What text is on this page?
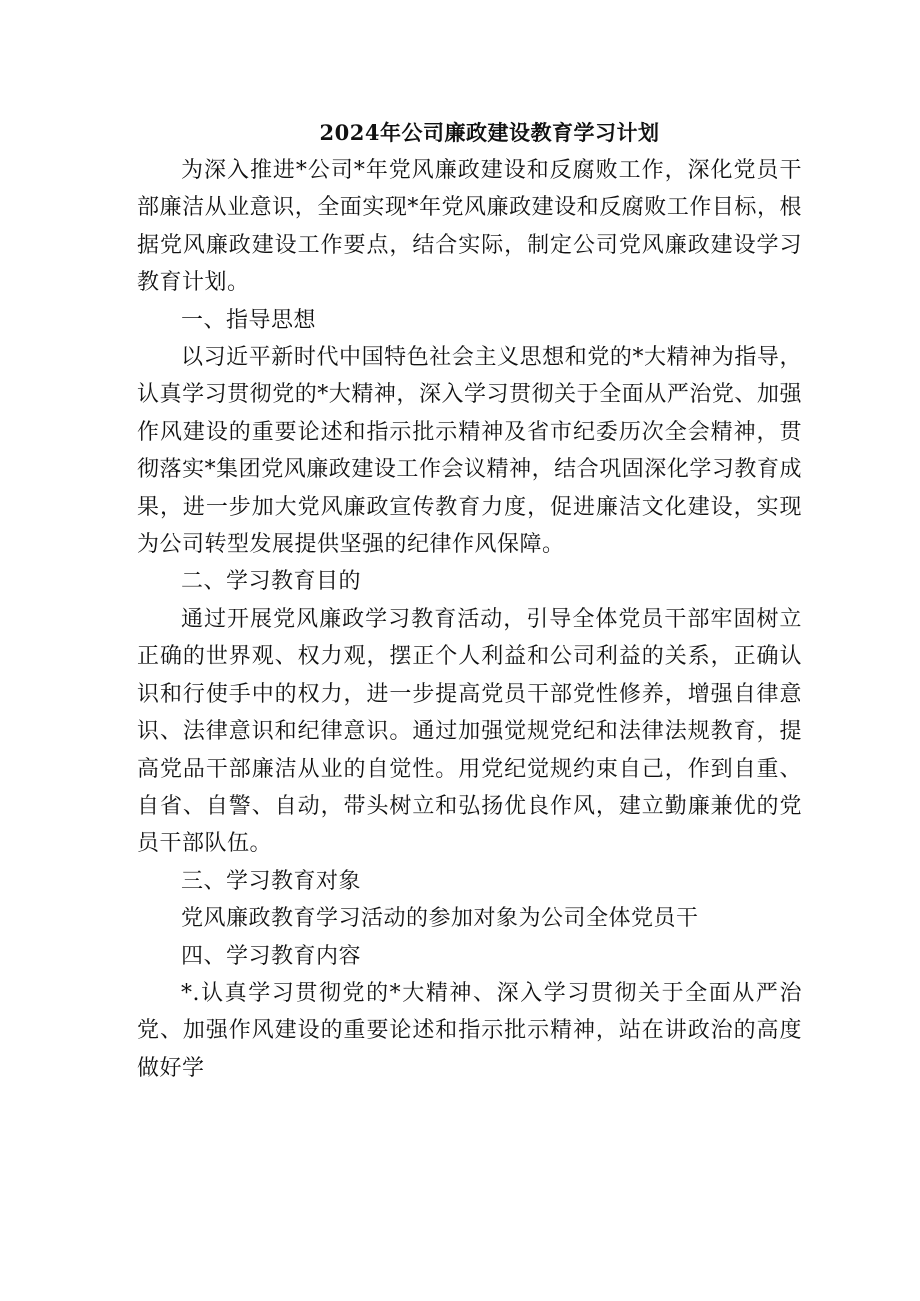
2024年公司廉政建设教育学习计划

为深入推进*公司*年党风廉政建设和反腐败工作，深化党员干部廉洁从业意识，全面实现*年党风廉政建设和反腐败工作目标，根据党风廉政建设工作要点，结合实际，制定公司党风廉政建设学习教育计划。

一、指导思想

以习近平新时代中国特色社会主义思想和党的*大精神为指导，认真学习贯彻党的*大精神，深入学习贯彻关于全面从严治党、加强作风建设的重要论述和指示批示精神及省市纪委历次全会精神，贯彻落实*集团党风廉政建设工作会议精神，结合巩固深化学习教育成果，进一步加大党风廉政宣传教育力度，促进廉洁文化建设，实现为公司转型发展提供坚强的纪律作风保障。

二、学习教育目的

通过开展党风廉政学习教育活动，引导全体党员干部牢固树立正确的世界观、权力观，摆正个人利益和公司利益的关系，正确认识和行使手中的权力，进一步提高党员干部党性修养，增强自律意识、法律意识和纪律意识。通过加强觉规党纪和法律法规教育，提高党品干部廉洁从业的自觉性。用党纪觉规约束自己，作到自重、自省、自警、自动，带头树立和弘扬优良作风，建立勤廉兼优的党员干部队伍。

三、学习教育对象

党风廉政教育学习活动的参加对象为公司全体党员干

四、学习教育内容

*.认真学习贯彻党的*大精神、深入学习贯彻关于全面从严治党、加强作风建设的重要论述和指示批示精神，站在讲政治的高度做好学
